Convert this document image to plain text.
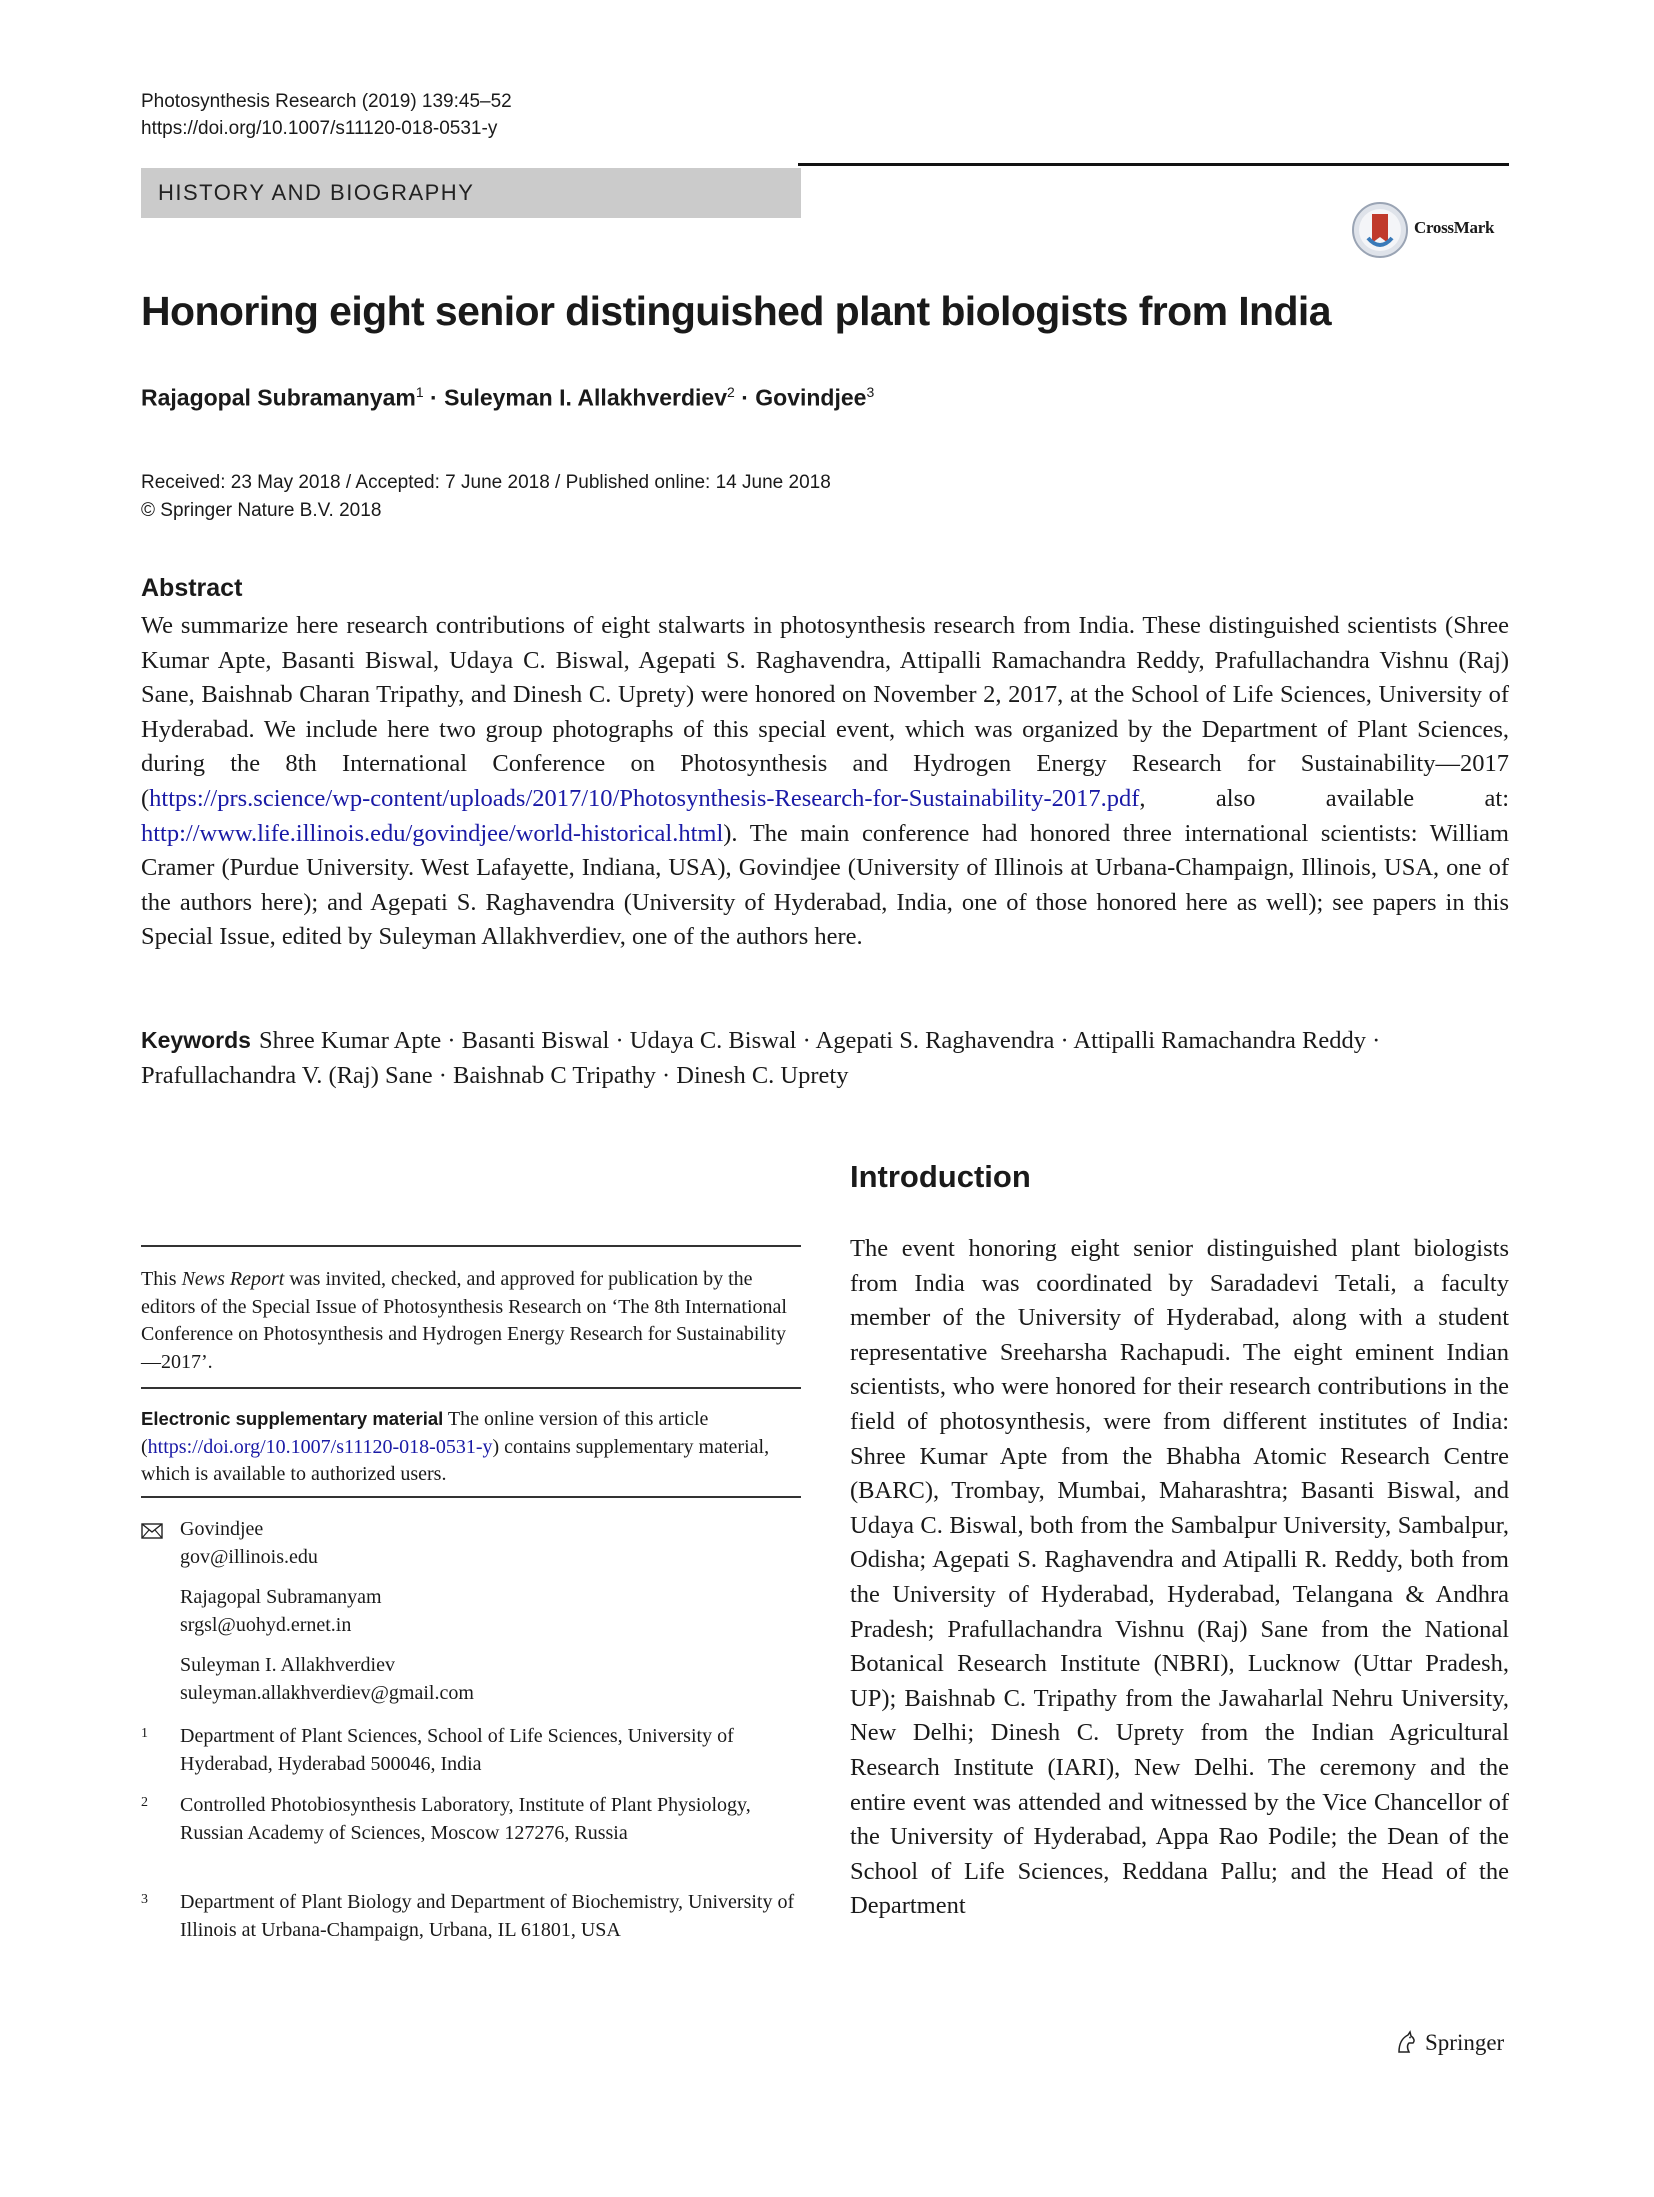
Photosynthesis Research (2019) 139:45–52
https://doi.org/10.1007/s11120-018-0531-y
HISTORY AND BIOGRAPHY
CrossMark
Honoring eight senior distinguished plant biologists from India
Rajagopal Subramanyam$^1$ · Suleyman I. Allakhverdiev$^2$ · Govindjee$^3$
Received: 23 May 2018 / Accepted: 7 June 2018 / Published online: 14 June 2018
© Springer Nature B.V. 2018
Abstract
We summarize here research contributions of eight stalwarts in photosynthesis research from India. These distinguished scientists (Shree Kumar Apte, Basanti Biswal, Udaya C. Biswal, Agepati S. Raghavendra, Attipalli Ramachandra Reddy, Prafullachandra Vishnu (Raj) Sane, Baishnab Charan Tripathy, and Dinesh C. Uprety) were honored on November 2, 2017, at the School of Life Sciences, University of Hyderabad. We include here two group photographs of this special event, which was organized by the Department of Plant Sciences, during the 8th International Conference on Photosynthesis and Hydrogen Energy Research for Sustainability—2017 (https://prs.science/wp-content/uploads/2017/10/Photosynthesis-Research-for-Sustainability-2017.pdf, also available at: http://www.life.illinois.edu/govindjee/world-historical.html). The main conference had honored three international scientists: William Cramer (Purdue University. West Lafayette, Indiana, USA), Govindjee (University of Illinois at Urbana-Champaign, Illinois, USA, one of the authors here); and Agepati S. Raghavendra (University of Hyderabad, India, one of those honored here as well); see papers in this Special Issue, edited by Suleyman Allakhverdiev, one of the authors here.
Keywords Shree Kumar Apte · Basanti Biswal · Udaya C. Biswal · Agepati S. Raghavendra · Attipalli Ramachandra Reddy · Prafullachandra V. (Raj) Sane · Baishnab C Tripathy · Dinesh C. Uprety
Introduction
The event honoring eight senior distinguished plant biologists from India was coordinated by Saradadevi Tetali, a faculty member of the University of Hyderabad, along with a student representative Sreeharsha Rachapudi. The eight eminent Indian scientists, who were honored for their research contributions in the field of photosynthesis, were from different institutes of India: Shree Kumar Apte from the Bhabha Atomic Research Centre (BARC), Trombay, Mumbai, Maharashtra; Basanti Biswal, and Udaya C. Biswal, both from the Sambalpur University, Sambalpur, Odisha; Agepati S. Raghavendra and Atipalli R. Reddy, both from the University of Hyderabad, Hyderabad, Telangana & Andhra Pradesh; Prafullachandra Vishnu (Raj) Sane from the National Botanical Research Institute (NBRI), Lucknow (Uttar Pradesh, UP); Baishnab C. Tripathy from the Jawaharlal Nehru University, New Delhi; Dinesh C. Uprety from the Indian Agricultural Research Institute (IARI), New Delhi. The ceremony and the entire event was attended and witnessed by the Vice Chancellor of the University of Hyderabad, Appa Rao Podile; the Dean of the School of Life Sciences, Reddana Pallu; and the Head of the Department
This News Report was invited, checked, and approved for publication by the editors of the Special Issue of Photosynthesis Research on ‘The 8th International Conference on Photosynthesis and Hydrogen Energy Research for Sustainability—2017’.
Electronic supplementary material The online version of this article (https://doi.org/10.1007/s11120-018-0531-y) contains supplementary material, which is available to authorized users.
Govindjee
gov@illinois.edu
Rajagopal Subramanyam
srgsl@uohyd.ernet.in
Suleyman I. Allakhverdiev
suleyman.allakhverdiev@gmail.com
1 Department of Plant Sciences, School of Life Sciences, University of Hyderabad, Hyderabad 500046, India
2 Controlled Photobiosynthesis Laboratory, Institute of Plant Physiology, Russian Academy of Sciences, Moscow 127276, Russia
3 Department of Plant Biology and Department of Biochemistry, University of Illinois at Urbana-Champaign, Urbana, IL 61801, USA
Springer
